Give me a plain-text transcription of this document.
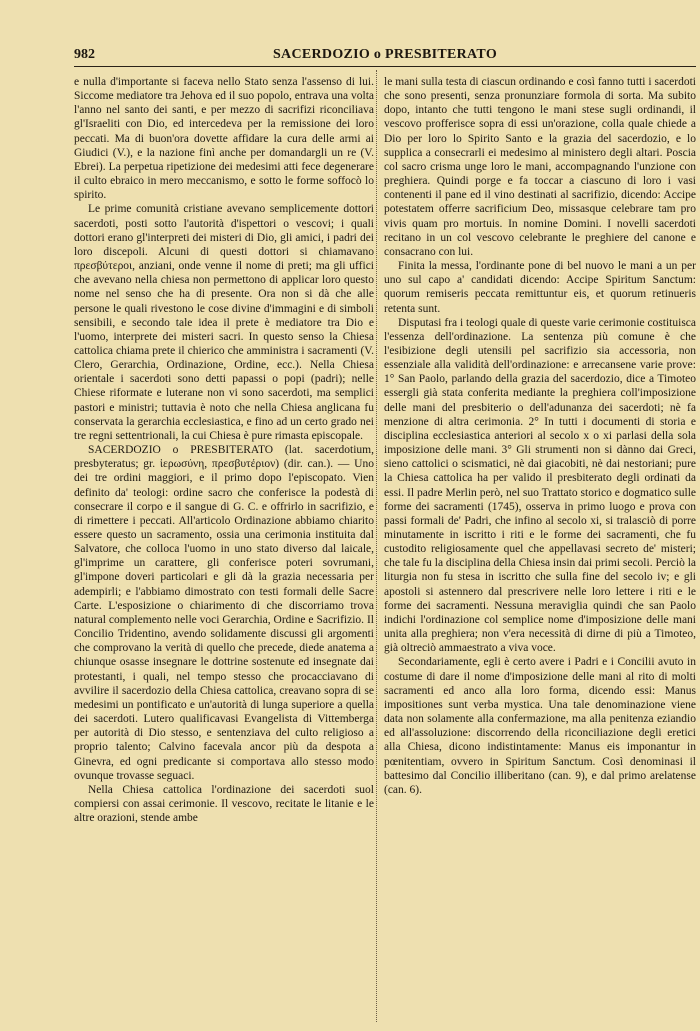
982	SACERDOZIO o PRESBITERATO

e nulla d'importante si faceva nello Stato senza l'assenso di lui. Siccome mediatore tra Jehova ed il suo popolo, entrava una volta l'anno nel santo dei santi, e per mezzo di sacrifizi riconciliava gl'Israeliti con Dio, ed intercedeva per la remissione dei loro peccati. Ma di buon'ora dovette affidare la cura delle armi ai Giudici (V.), e la nazione finì anche per domandargli un re (V. Ebrei). La perpetua ripetizione dei medesimi atti fece degenerare il culto ebraico in mero meccanismo, e sotto le forme soffocò lo spirito.

Le prime comunità cristiane avevano semplicemente dottori sacerdoti, posti sotto l'autorità d'ispettori o vescovi; i quali dottori erano gl'interpreti dei misteri di Dio, gli amici, i padri dei loro discepoli. Alcuni di questi dottori si chiamavano πρεσβύτεροι, anziani, onde venne il nome di preti; ma gli uffici che avevano nella chiesa non permettono di applicar loro questo nome nel senso che ha di presente. Ora non si dà che alle persone le quali rivestono le cose divine d'immagini e di simboli sensibili, e secondo tale idea il prete è mediatore tra Dio e l'uomo, interprete dei misteri sacri. In questo senso la Chiesa cattolica chiama prete il chierico che amministra i sacramenti (V. Clero, Gerarchia, Ordinazione, Ordine, ecc.). Nella Chiesa orientale i sacerdoti sono detti papassi o popi (padri); nelle Chiese riformate e luterane non vi sono sacerdoti, ma semplici pastori e ministri; tuttavia è noto che nella Chiesa anglicana fu conservata la gerarchia ecclesiastica, e fino ad un certo grado nei tre regni settentrionali, la cui Chiesa è pure rimasta episcopale.

SACERDOZIO o PRESBITERATO (lat. sacerdotium, presbyteratus; gr. ἱερωσύνη, πρεσβυτέριον) (dir. can.). — Uno dei tre ordini maggiori, e il primo dopo l'episcopato. Vien definito da' teologi: ordine sacro che conferisce la podestà di consecrare il corpo e il sangue di G. C. e offrirlo in sacrifizio, e di rimettere i peccati. All'articolo Ordinazione abbiamo chiarito essere questo un sacramento, ossia una cerimonia instituita dal Salvatore, che colloca l'uomo in uno stato diverso dal laicale, gl'imprime un carattere, gli conferisce poteri sovrumani, gl'impone doveri particolari e gli dà la grazia necessaria per adempirli; e l'abbiamo dimostrato con testi formali delle Sacre Carte. L'esposizione o chiarimento di che discorriamo trova natural complemento nelle voci Gerarchia, Ordine e Sacrifizio. Il Concilio Tridentino, avendo solidamente discussi gli argomenti che comprovano la verità di quello che precede, diede anatema a chiunque osasse insegnare le dottrine sostenute ed insegnate dai protestanti, i quali, nel tempo stesso che procacciavano di avvilire il sacerdozio della Chiesa cattolica, creavano sopra di se medesimi un pontificato e un'autorità di lunga superiore a quella dei sacerdoti. Lutero qualificavasi Evangelista di Vittemberga per autorità di Dio stesso, e sentenziava del culto religioso a proprio talento; Calvino facevala ancor più da despota a Ginevra, ed ogni predicante si comportava allo stesso modo ovunque trovasse seguaci.

Nella Chiesa cattolica l'ordinazione dei sacerdoti suol compiersi con assai cerimonie. Il vescovo, recitate le litanie e le altre orazioni, stende ambe

le mani sulla testa di ciascun ordinando e così fanno tutti i sacerdoti che sono presenti, senza pronunziare formola di sorta. Ma subito dopo, intanto che tutti tengono le mani stese sugli ordinandi, il vescovo profferisce sopra di essi un'orazione, colla quale chiede a Dio per loro lo Spirito Santo e la grazia del sacerdozio, e lo supplica a consecrarli ei medesimo al ministero degli altari. Poscia col sacro crisma unge loro le mani, accompagnando l'unzione con preghiera. Quindi porge e fa toccar a ciascuno di loro i vasi contenenti il pane ed il vino destinati al sacrifizio, dicendo: Accipe potestatem offerre sacrificium Deo, missasque celebrare tam pro vivis quam pro mortuis. In nomine Domini. I novelli sacerdoti recitano in un col vescovo celebrante le preghiere del canone e consacrano con lui.

Finita la messa, l'ordinante pone di bel nuovo le mani a un per uno sul capo a' candidati dicendo: Accipe Spiritum Sanctum: quorum remiseris peccata remittuntur eis, et quorum retinueris retenta sunt.

Disputasi fra i teologi quale di queste varie cerimonie costituisca l'essenza dell'ordinazione. La sentenza più comune è che l'esibizione degli utensili pel sacrifizio sia accessoria, non essenziale alla validità dell'ordinazione: e arrecansene varie prove: 1° San Paolo, parlando della grazia del sacerdozio, dice a Timoteo essergli già stata conferita mediante la preghiera coll'imposizione delle mani del presbiterio o dell'adunanza dei sacerdoti; nè fa menzione di altra cerimonia. 2° In tutti i documenti di storia e disciplina ecclesiastica anteriori al secolo x o xi parlasi della sola imposizione delle mani. 3° Gli strumenti non si dànno dai Greci, sieno cattolici o scismatici, nè dai giacobiti, nè dai nestoriani; pure la Chiesa cattolica ha per valido il presbiterato degli ordinati da essi. Il padre Merlin però, nel suo Trattato storico e dogmatico sulle forme dei sacramenti (1745), osserva in primo luogo e prova con passi formali de' Padri, che infino al secolo xi, si tralasciò di porre minutamente in iscritto i riti e le forme dei sacramenti, che fu custodito religiosamente quel che appellavasi secreto de' misteri; che tale fu la disciplina della Chiesa insin dai primi secoli. Perciò la liturgia non fu stesa in iscritto che sulla fine del secolo iv; e gli apostoli si astennero dal prescrivere nelle loro lettere i riti e le forme dei sacramenti. Nessuna meraviglia quindi che san Paolo indichi l'ordinazione col semplice nome d'imposizione delle mani unita alla preghiera; non v'era necessità di dirne di più a Timoteo, già oltreciò ammaestrato a viva voce.

Secondariamente, egli è certo avere i Padri e i Concilii avuto in costume di dare il nome d'imposizione delle mani al rito di molti sacramenti ed anco alla loro forma, dicendo essi: Manus impositiones sunt verba mystica. Una tale denominazione viene data non solamente alla confermazione, ma alla penitenza eziandio ed all'assoluzione: discorrendo della riconciliazione degli eretici alla Chiesa, dicono indistintamente: Manus eis imponantur in pœnitentiam, ovvero in Spiritum Sanctum. Così denominasi il battesimo dal Concilio illiberitano (can. 9), e dal primo arelatense (can. 6).
